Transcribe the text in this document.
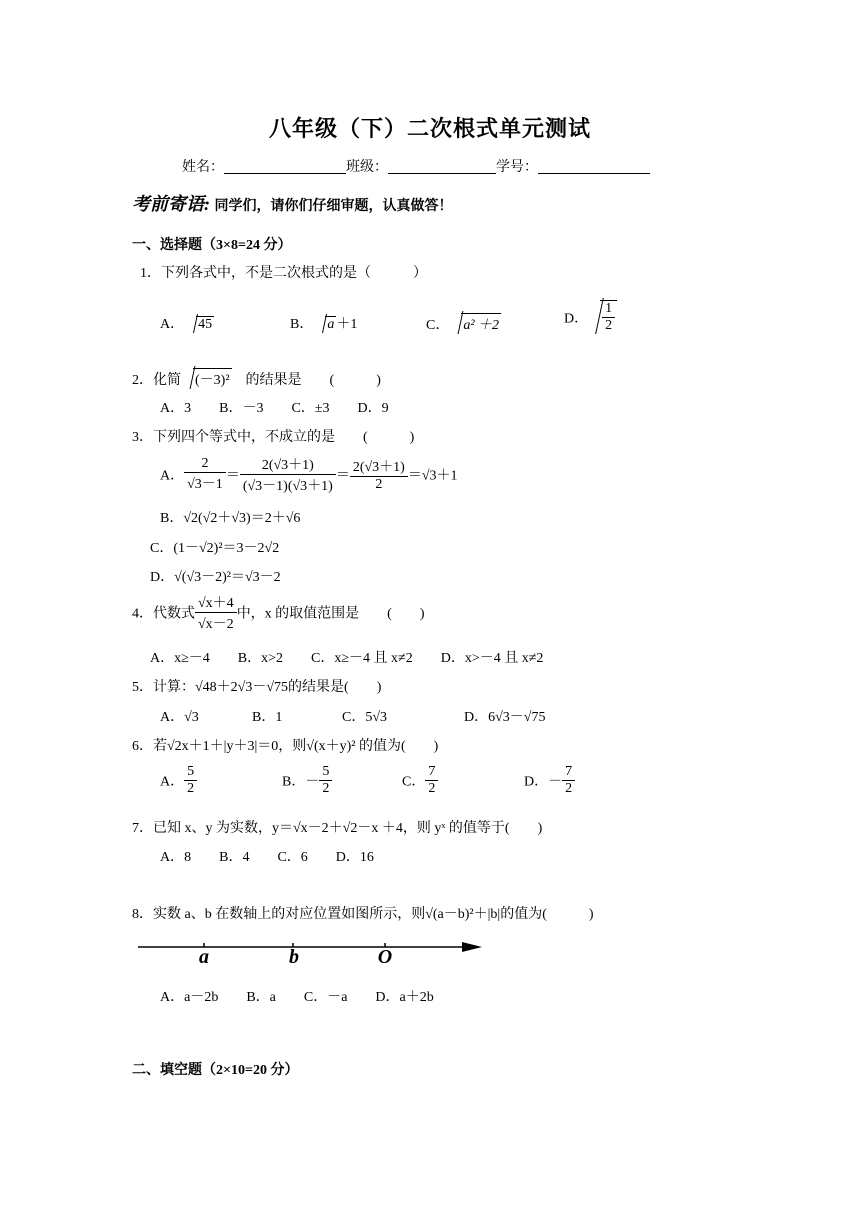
八年级（下）二次根式单元测试
姓名：	班级：	学号：
考前寄语: 同学们，请你们仔细审题，认真做答！
一、选择题（3×8=24 分）
1．下列各式中，不是二次根式的是（　　　）
A． 45	B． a ＋1	C． a² ＋2	D． $\frac{1}{2}$
2．化简 (－3)²　的结果是　　(　　　)
A．3　　B．－3　　C．±3　　D．9
3．下列四个等式中，不成立的是　　(　　　)
A． $\frac{2}{√3-1} = \frac{2(√3+1)}{(√3-1)(√3+1)} = \frac{2(√3+1)}{2} =√3+1$
B．√2(√2＋√3)＝2＋√6
C．(1－√2)²＝3－2√2
D．√(√3－2)²＝√3－2
4．代数式 $\frac{√x+4}{√x-2}$ 中，x 的取值范围是　　(　　)
A．x≥－4　　B．x>2　　C．x≥－4 且 x≠2　　D．x>－4 且 x≠2
5．计算：√48＋2√3－√75的结果是(　　)
A．√3	B．1	C．5√3	D．6√3－√75
6．若√2x＋1＋|y＋3|＝0，则√(x＋y)² 的值为(　　)
A． $\frac{5}{2}$	B．－ $\frac{5}{2}$	C． $\frac{7}{2}$	D．－ $\frac{7}{2}$
7．已知 x、y 为实数，y＝√x－2＋√2－x ＋4，则 yˣ 的值等于(　　)
A．8　　B．4　　C．6　　D．16
8．实数 a、b 在数轴上的对应位置如图所示，则√(a－b)²＋|b|的值为(　　　)
a	b	O
A．a－2b　　B．a　　C．－a　　D．a＋2b
二、填空题（2×10=20 分）
